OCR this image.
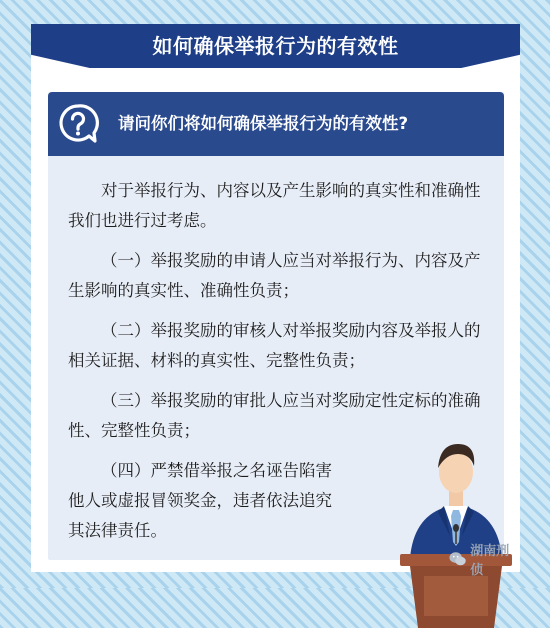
如何确保举报行为的有效性
请问你们将如何确保举报行为的有效性?

对于举报行为、内容以及产生影响的真实性和准确性我们也进行过考虑。

（一）举报奖励的申请人应当对举报行为、内容及产生影响的真实性、准确性负责；

（二）举报奖励的审核人对举报奖励内容及举报人的相关证据、材料的真实性、完整性负责；

（三）举报奖励的审批人应当对奖励定性定标的准确性、完整性负责；

（四）严禁借举报之名诬告陷害他人或虚报冒领奖金，违者依法追究其法律责任。

湖南刑侦
